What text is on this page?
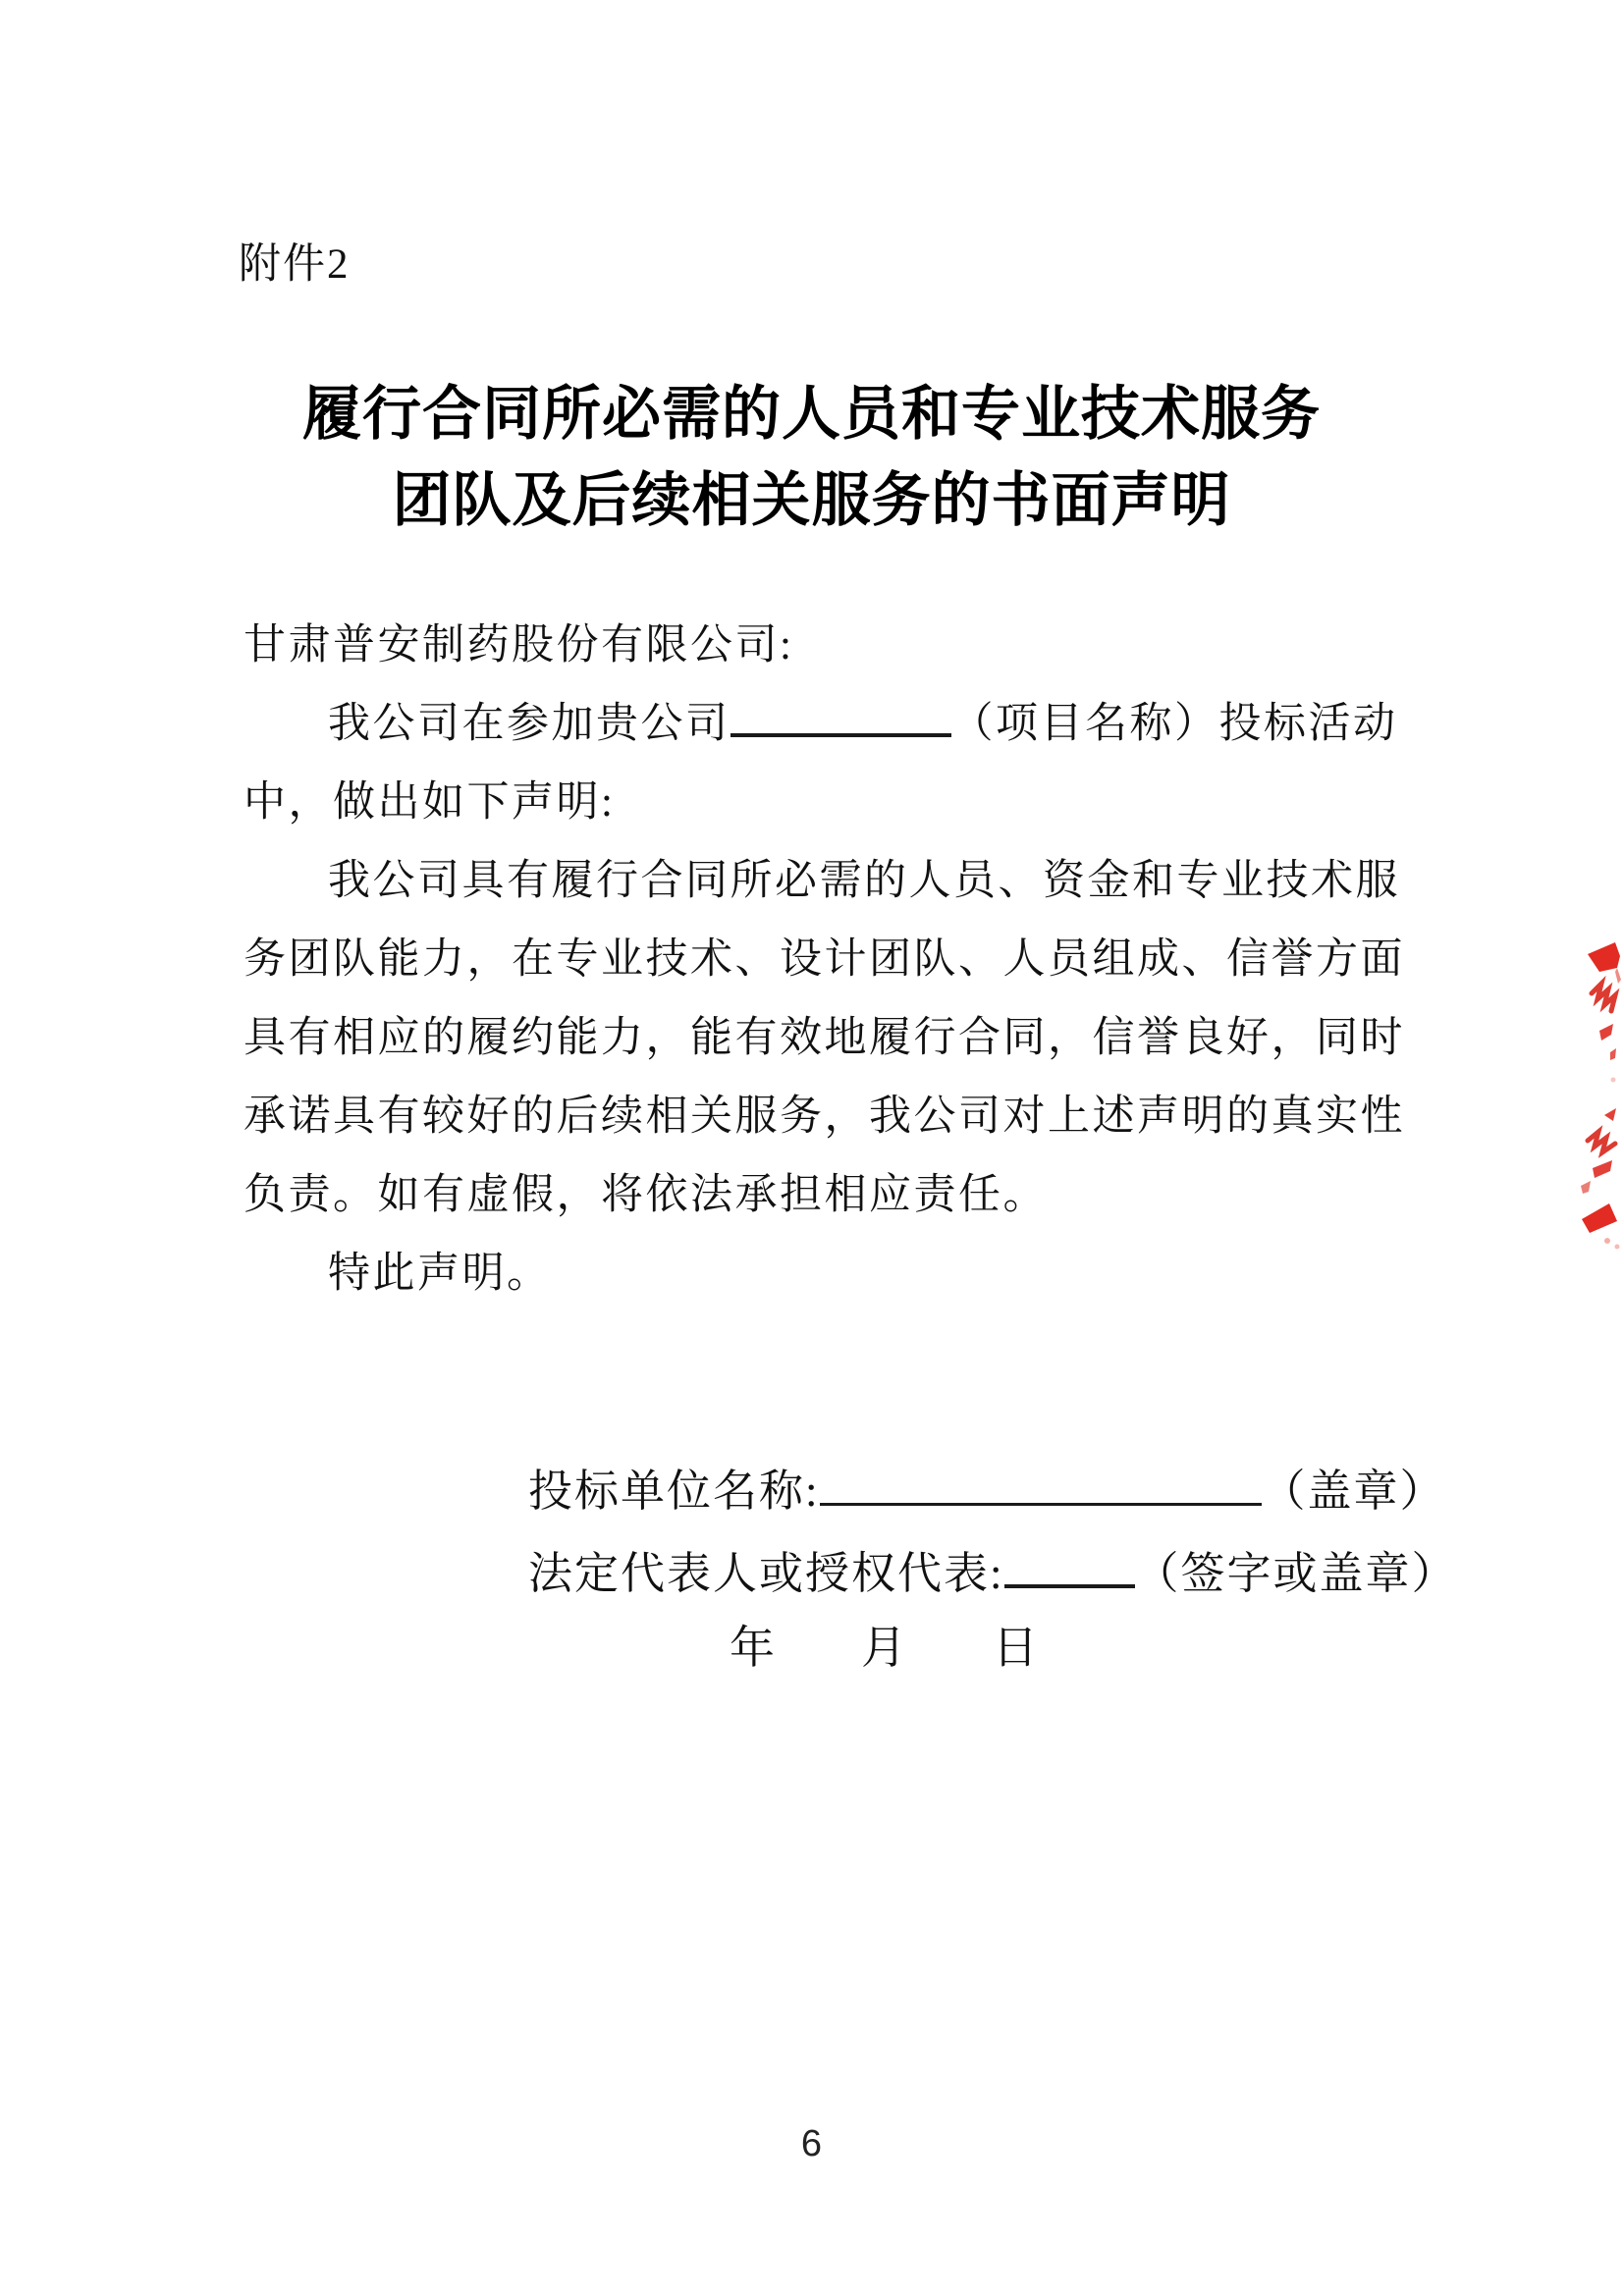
附件2
履行合同所必需的人员和专业技术服务
团队及后续相关服务的书面声明
甘肃普安制药股份有限公司:
我公司在参加贵公司	（项目名称）投标活动
中，做出如下声明:
我公司具有履行合同所必需的人员、资金和专业技术服
务团队能力，在专业技术、设计团队、人员组成、信誉方面
具有相应的履约能力，能有效地履行合同，信誉良好，同时
承诺具有较好的后续相关服务，我公司对上述声明的真实性
负责。如有虚假，将依法承担相应责任。
特此声明。
投标单位名称:	（盖章）
法定代表人或授权代表:	（签字或盖章）
年 月 日
6
